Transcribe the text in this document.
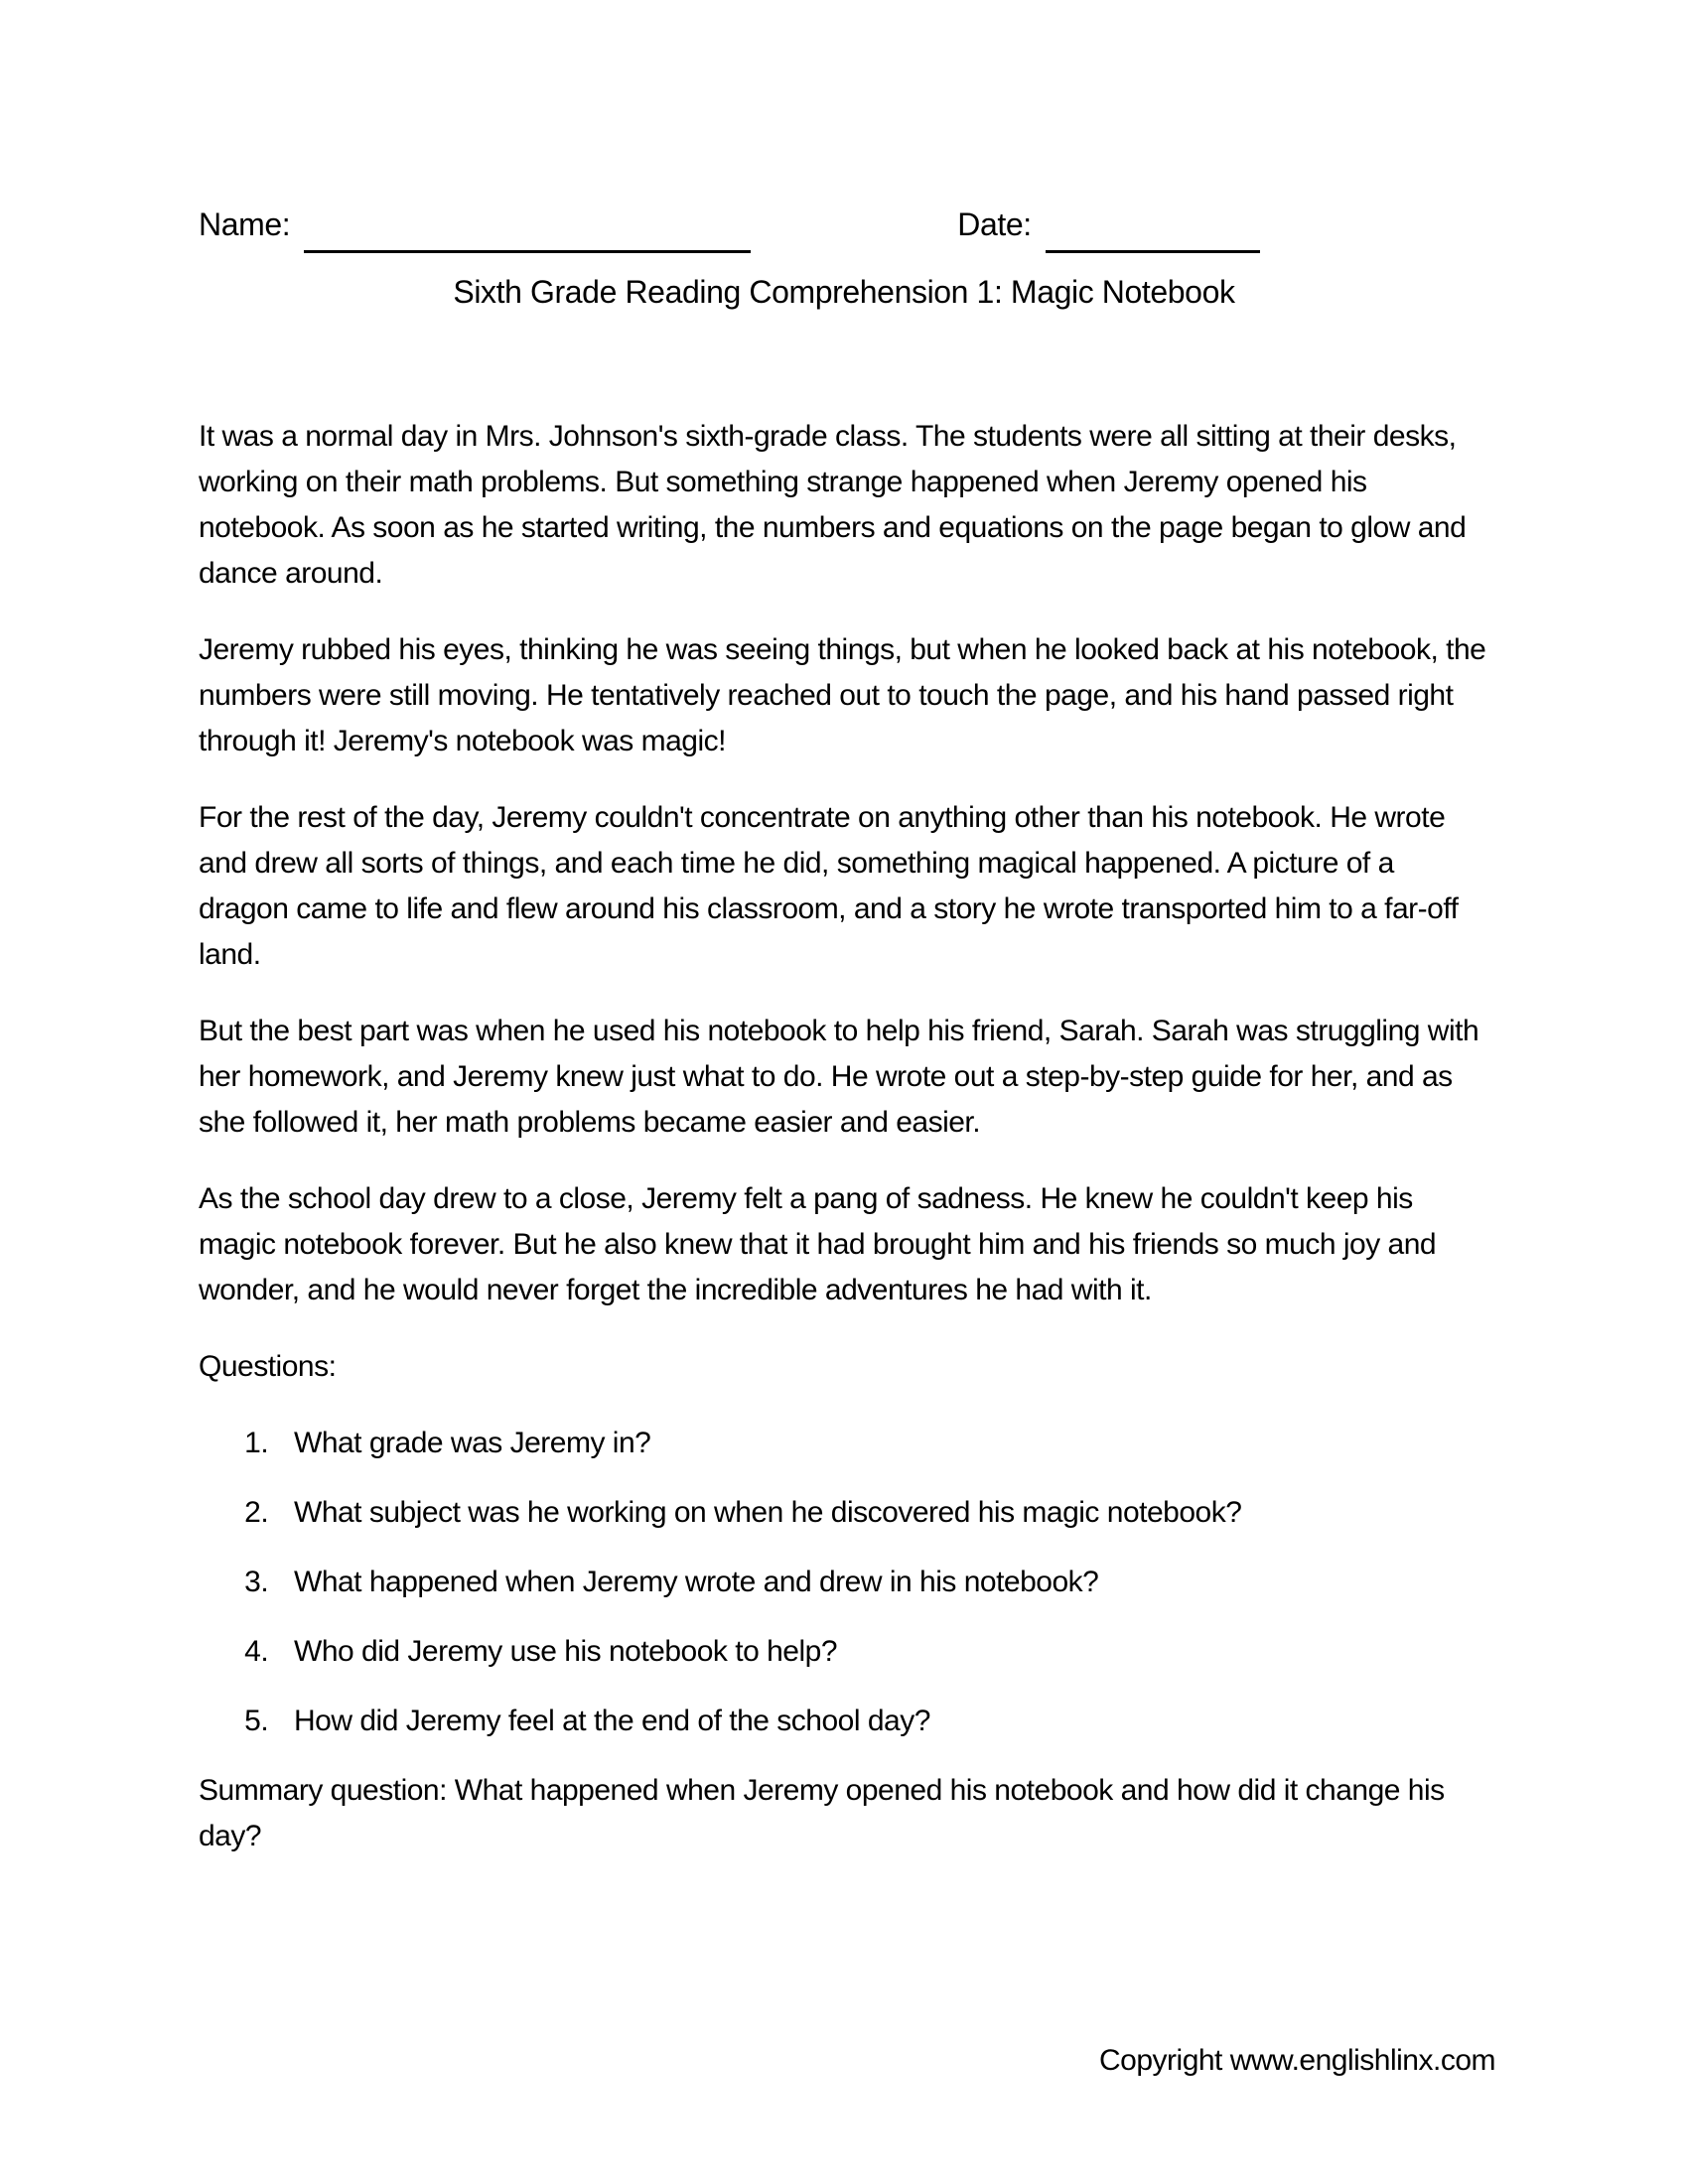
Name:	Date:
Sixth Grade Reading Comprehension 1: Magic Notebook

It was a normal day in Mrs. Johnson's sixth-grade class. The students were all sitting at their desks, working on their math problems. But something strange happened when Jeremy opened his notebook. As soon as he started writing, the numbers and equations on the page began to glow and dance around.

Jeremy rubbed his eyes, thinking he was seeing things, but when he looked back at his notebook, the numbers were still moving. He tentatively reached out to touch the page, and his hand passed right through it! Jeremy's notebook was magic!

For the rest of the day, Jeremy couldn't concentrate on anything other than his notebook. He wrote and drew all sorts of things, and each time he did, something magical happened. A picture of a dragon came to life and flew around his classroom, and a story he wrote transported him to a far-off land.

But the best part was when he used his notebook to help his friend, Sarah. Sarah was struggling with her homework, and Jeremy knew just what to do. He wrote out a step-by-step guide for her, and as she followed it, her math problems became easier and easier.

As the school day drew to a close, Jeremy felt a pang of sadness. He knew he couldn't keep his magic notebook forever. But he also knew that it had brought him and his friends so much joy and wonder, and he would never forget the incredible adventures he had with it.

Questions:

1. What grade was Jeremy in?
2. What subject was he working on when he discovered his magic notebook?
3. What happened when Jeremy wrote and drew in his notebook?
4. Who did Jeremy use his notebook to help?
5. How did Jeremy feel at the end of the school day?

Summary question: What happened when Jeremy opened his notebook and how did it change his day?

Copyright www.englishlinx.com
